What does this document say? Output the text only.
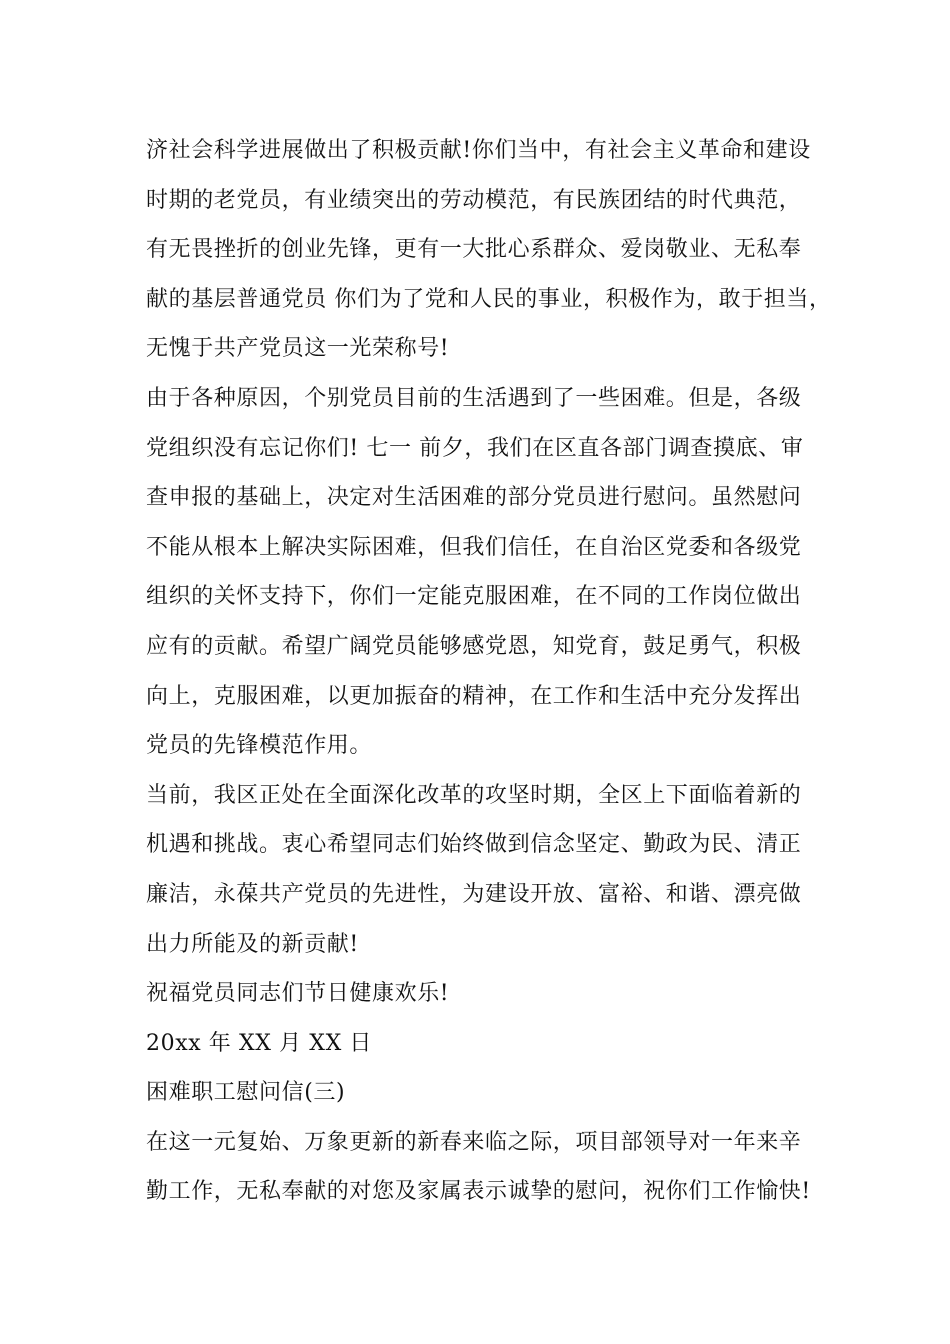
济社会科学进展做出了积极贡献!你们当中，有社会主义革命和建设
时期的老党员，有业绩突出的劳动模范，有民族团结的时代典范，
有无畏挫折的创业先锋，更有一大批心系群众、爱岗敬业、无私奉
献的基层普通党员 你们为了党和人民的事业，积极作为，敢于担当，
无愧于共产党员这一光荣称号!
由于各种原因，个别党员目前的生活遇到了一些困难。但是，各级
党组织没有忘记你们! 七一 前夕，我们在区直各部门调查摸底、审
查申报的基础上，决定对生活困难的部分党员进行慰问。虽然慰问
不能从根本上解决实际困难，但我们信任，在自治区党委和各级党
组织的关怀支持下，你们一定能克服困难，在不同的工作岗位做出
应有的贡献。希望广阔党员能够感党恩，知党育，鼓足勇气，积极
向上，克服困难，以更加振奋的精神，在工作和生活中充分发挥出
党员的先锋模范作用。
当前，我区正处在全面深化改革的攻坚时期，全区上下面临着新的
机遇和挑战。衷心希望同志们始终做到信念坚定、勤政为民、清正
廉洁，永葆共产党员的先进性，为建设开放、富裕、和谐、漂亮做
出力所能及的新贡献!
祝福党员同志们节日健康欢乐!
20xx 年 XX 月 XX 日
困难职工慰问信(三)
在这一元复始、万象更新的新春来临之际，项目部领导对一年来辛
勤工作，无私奉献的对您及家属表示诚挚的慰问，祝你们工作愉快!
